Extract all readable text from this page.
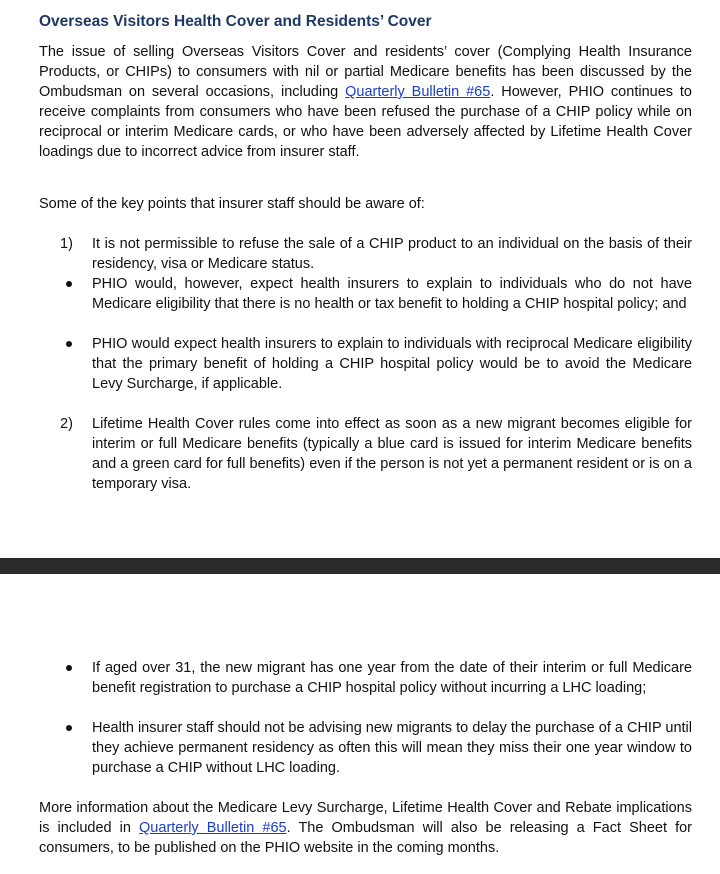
Overseas Visitors Health Cover and Residents’ Cover

The issue of selling Overseas Visitors Cover and residents’ cover (Complying Health Insurance Products, or CHIPs) to consumers with nil or partial Medicare benefits has been discussed by the Ombudsman on several occasions, including Quarterly Bulletin #65. However, PHIO continues to receive complaints from consumers who have been refused the purchase of a CHIP policy while on reciprocal or interim Medicare cards, or who have been adversely affected by Lifetime Health Cover loadings due to incorrect advice from insurer staff.

Some of the key points that insurer staff should be aware of:

1)	It is not permissible to refuse the sale of a CHIP product to an individual on the basis of their residency, visa or Medicare status.
PHIO would, however, expect health insurers to explain to individuals who do not have Medicare eligibility that there is no health or tax benefit to holding a CHIP hospital policy; and
PHIO would expect health insurers to explain to individuals with reciprocal Medicare eligibility that the primary benefit of holding a CHIP hospital policy would be to avoid the Medicare Levy Surcharge, if applicable.
2)	Lifetime Health Cover rules come into effect as soon as a new migrant becomes eligible for interim or full Medicare benefits (typically a blue card is issued for interim Medicare benefits and a green card for full benefits) even if the person is not yet a permanent resident or is on a temporary visa.
If aged over 31, the new migrant has one year from the date of their interim or full Medicare benefit registration to purchase a CHIP hospital policy without incurring a LHC loading;
Health insurer staff should not be advising new migrants to delay the purchase of a CHIP until they achieve permanent residency as often this will mean they miss their one year window to purchase a CHIP without LHC loading.

More information about the Medicare Levy Surcharge, Lifetime Health Cover and Rebate implications is included in Quarterly Bulletin #65. The Ombudsman will also be releasing a Fact Sheet for consumers, to be published on the PHIO website in the coming months.
